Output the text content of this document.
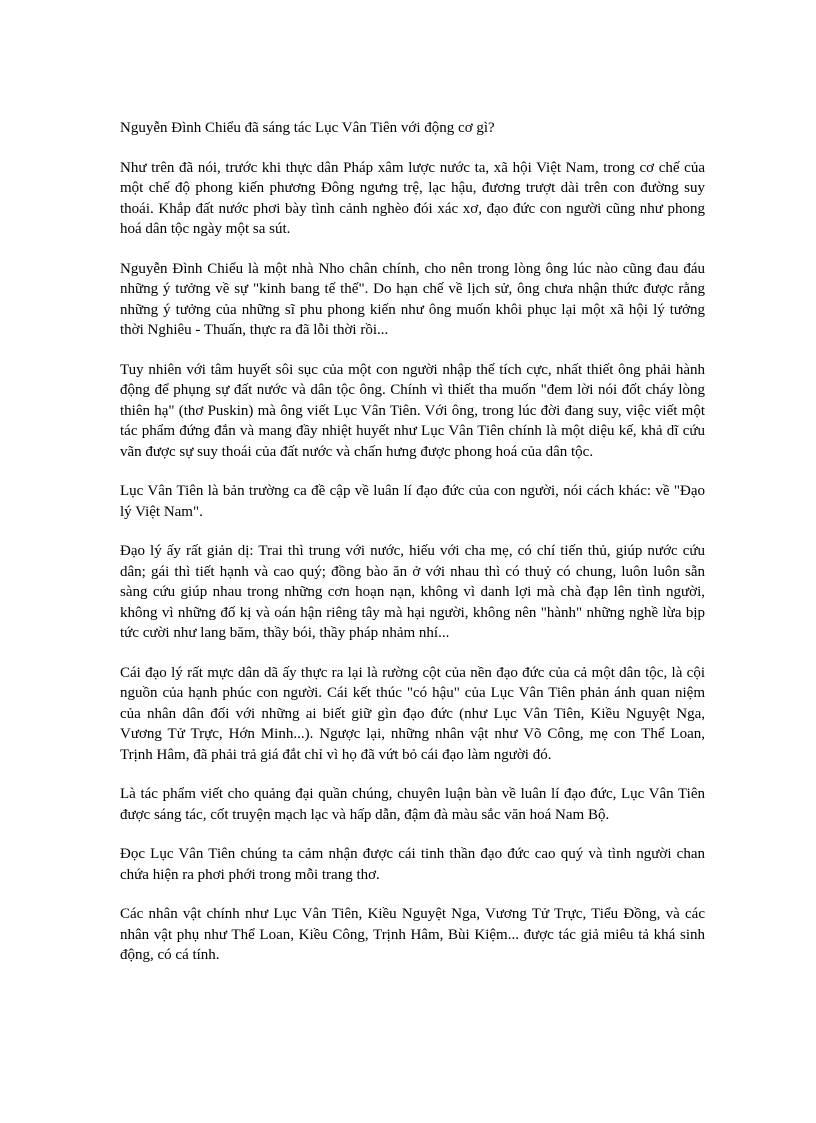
Nguyễn Đình Chiểu đã sáng tác Lục Vân Tiên với động cơ gì?

Như trên đã nói, trước khi thực dân Pháp xâm lược nước ta, xã hội Việt Nam, trong cơ chế của một chế độ phong kiến phương Đông ngưng trệ, lạc hậu, đương trượt dài trên con đường suy thoái. Khắp đất nước phơi bày tình cảnh nghèo đói xác xơ, đạo đức con người cũng như phong hoá dân tộc ngày một sa sút.

Nguyễn Đình Chiểu là một nhà Nho chân chính, cho nên trong lòng ông lúc nào cũng đau đáu những ý tưởng về sự "kinh bang tế thế". Do hạn chế về lịch sử, ông chưa nhận thức được rằng những ý tưởng của những sĩ phu phong kiến như ông muốn khôi phục lại một xã hội lý tưởng thời Nghiêu - Thuấn, thực ra đã lỗi thời rồi...

Tuy nhiên với tâm huyết sôi sục của một con người nhập thế tích cực, nhất thiết ông phải hành động để phụng sự đất nước và dân tộc ông. Chính vì thiết tha muốn "đem lời nói đốt cháy lòng thiên hạ" (thơ Puskin) mà ông viết Lục Vân Tiên. Với ông, trong lúc đời đang suy, việc viết một tác phẩm đứng đắn và mang đầy nhiệt huyết như Lục Vân Tiên chính là một diệu kế, khả dĩ cứu vãn được sự suy thoái của đất nước và chấn hưng được phong hoá của dân tộc.

Lục Vân Tiên là bản trường ca đề cập về luân lí đạo đức của con người, nói cách khác: về "Đạo lý Việt Nam".

Đạo lý ấy rất giản dị: Trai thì trung với nước, hiếu với cha mẹ, có chí tiến thủ, giúp nước cứu dân; gái thì tiết hạnh và cao quý; đồng bào ăn ở với nhau thì có thuỷ có chung, luôn luôn sẵn sàng cứu giúp nhau trong những cơn hoạn nạn, không vì danh lợi mà chà đạp lên tình người, không vì những đố kị và oán hận riêng tây mà hại người, không nên "hành" những nghề lừa bịp tức cười như lang băm, thầy bói, thầy pháp nhảm nhí...

Cái đạo lý rất mực dân dã ấy thực ra lại là rường cột của nền đạo đức của cả một dân tộc, là cội nguồn của hạnh phúc con người. Cái kết thúc "có hậu" của Lục Vân Tiên phản ánh quan niệm của nhân dân đối với những ai biết giữ gìn đạo đức (như Lục Vân Tiên, Kiều Nguyệt Nga, Vương Tử Trực, Hớn Minh...). Ngược lại, những nhân vật như Võ Công, mẹ con Thể Loan, Trịnh Hâm, đã phải trả giá đắt chỉ vì họ đã vứt bỏ cái đạo làm người đó.

Là tác phẩm viết cho quảng đại quần chúng, chuyên luận bàn về luân lí đạo đức, Lục Vân Tiên được sáng tác, cốt truyện mạch lạc và hấp dẫn, đậm đà màu sắc văn hoá Nam Bộ.

Đọc Lục Vân Tiên chúng ta cảm nhận được cái tinh thần đạo đức cao quý và tình người chan chứa hiện ra phơi phới trong mỗi trang thơ.

Các nhân vật chính như Lục Vân Tiên, Kiều Nguyệt Nga, Vương Tử Trực, Tiểu Đồng, và các nhân vật phụ như Thể Loan, Kiều Công, Trịnh Hâm, Bùi Kiệm... được tác giả miêu tả khá sinh động, có cá tính.
